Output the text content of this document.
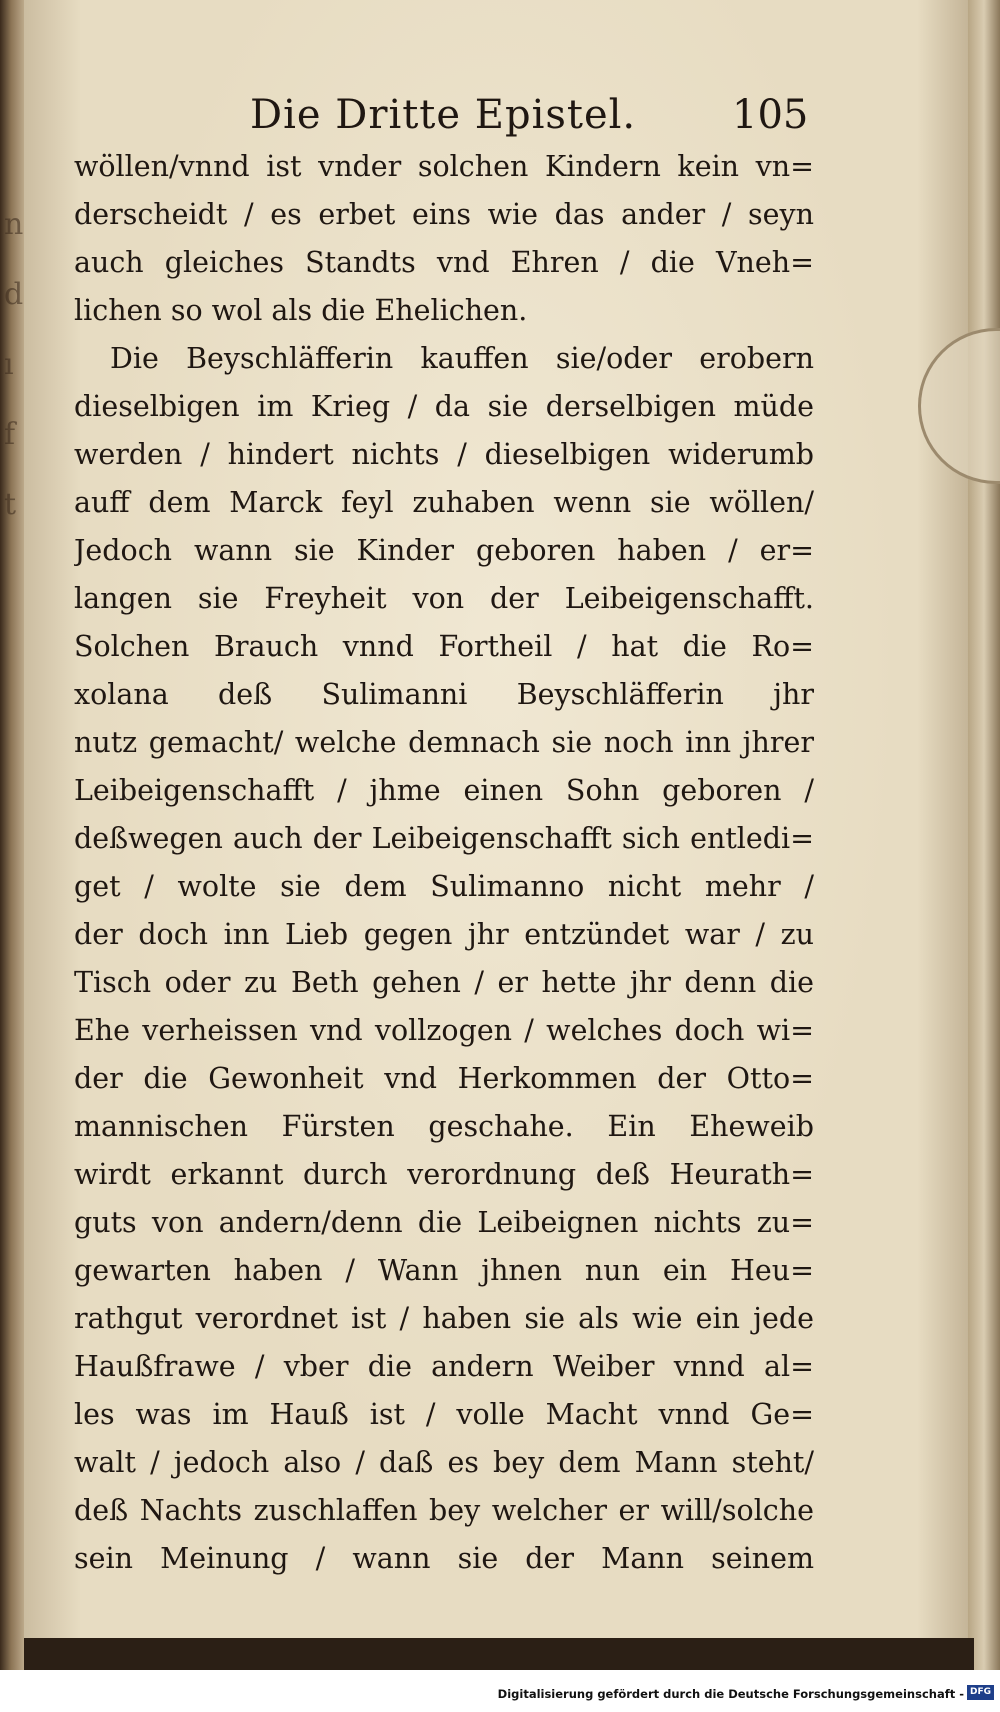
ndıft
Die Dritte Epistel. 105
wöllen/vnnd ist vnder solchen Kindern kein vn=
derscheidt / es erbet eins wie das ander / seyn
auch gleiches Standts vnd Ehren / die Vneh=
lichen so wol als die Ehelichen.
Die Beyschläfferin kauffen sie/oder erobern
dieselbigen im Krieg / da sie derselbigen müde
werden / hindert nichts / dieselbigen widerumb
auff dem Marck feyl zuhaben wenn sie wöllen/
Jedoch wann sie Kinder geboren haben / er=
langen sie Freyheit von der Leibeigenschafft.
Solchen Brauch vnnd Fortheil / hat die Ro=
xolana deß Sulimanni Beyschläfferin jhr
nutz gemacht/ welche demnach sie noch inn jhrer
Leibeigenschafft / jhme einen Sohn geboren /
deßwegen auch der Leibeigenschafft sich entledi=
get / wolte sie dem Sulimanno nicht mehr /
der doch inn Lieb gegen jhr entzündet war / zu
Tisch oder zu Beth gehen / er hette jhr denn die
Ehe verheissen vnd vollzogen / welches doch wi=
der die Gewonheit vnd Herkommen der Otto=
mannischen Fürsten geschahe. Ein Eheweib
wirdt erkannt durch verordnung deß Heurath=
guts von andern/denn die Leibeignen nichts zu=
gewarten haben / Wann jhnen nun ein Heu=
rathgut verordnet ist / haben sie als wie ein jede
Haußfrawe / vber die andern Weiber vnnd al=
les was im Hauß ist / volle Macht vnnd Ge=
walt / jedoch also / daß es bey dem Mann steht/
deß Nachts zuschlaffen bey welcher er will/solche
sein Meinung / wann sie der Mann seinem
Digitalisierung gefördert durch die Deutsche Forschungsgemeinschaft - DFG
